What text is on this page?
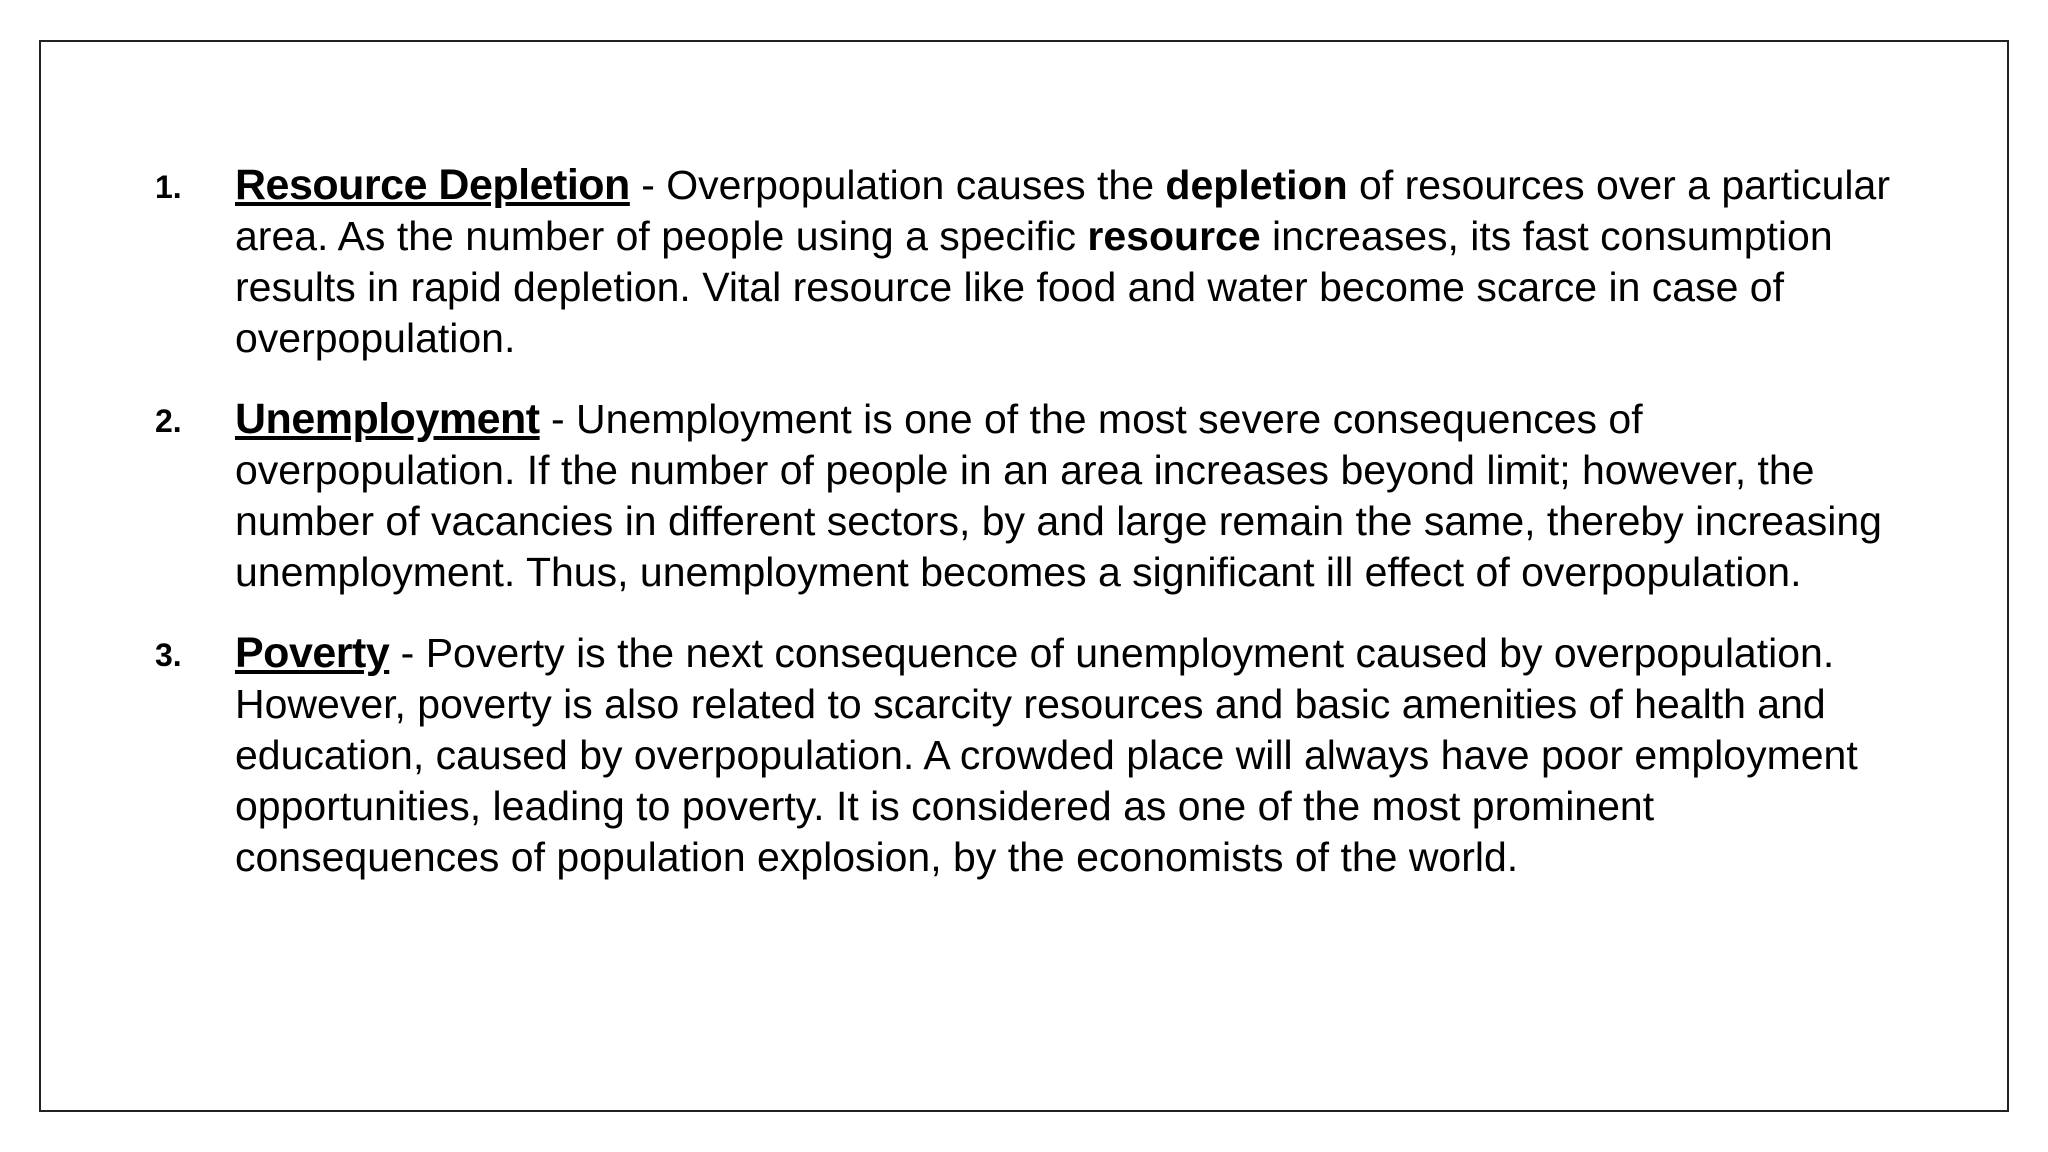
1. Resource Depletion - Overpopulation causes the depletion of resources over a particular area. As the number of people using a specific resource increases, its fast consumption results in rapid depletion. Vital resource like food and water become scarce in case of overpopulation.
2. Unemployment - Unemployment is one of the most severe consequences of overpopulation. If the number of people in an area increases beyond limit; however, the number of vacancies in different sectors, by and large remain the same, thereby increasing unemployment. Thus, unemployment becomes a significant ill effect of overpopulation.
3. Poverty - Poverty is the next consequence of unemployment caused by overpopulation. However, poverty is also related to scarcity resources and basic amenities of health and education, caused by overpopulation. A crowded place will always have poor employment opportunities, leading to poverty. It is considered as one of the most prominent consequences of population explosion, by the economists of the world.
